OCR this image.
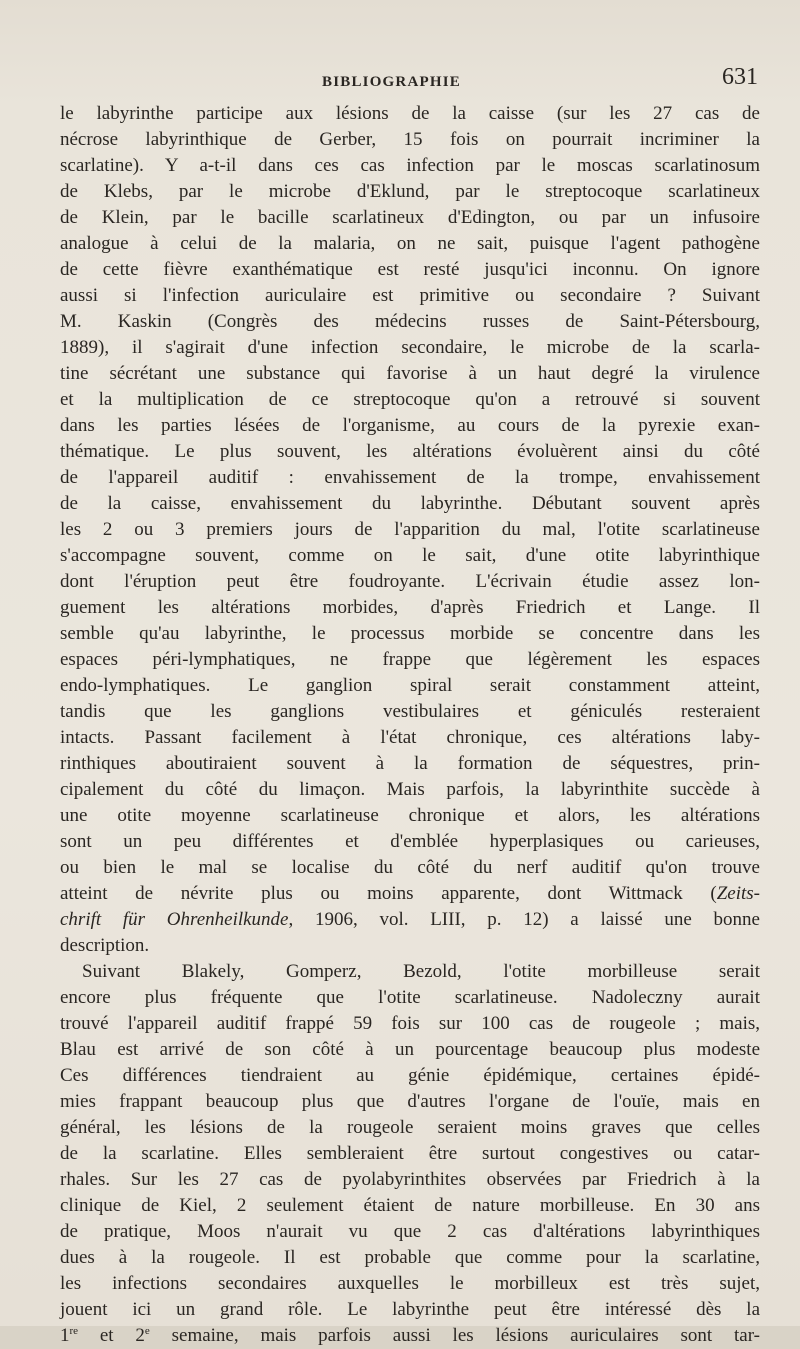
BIBLIOGRAPHIE	631
le labyrinthe participe aux lésions de la caisse (sur les 27 cas de
nécrose labyrinthique de Gerber, 15 fois on pourrait incriminer la
scarlatine). Y a-t-il dans ces cas infection par le moscas scarlatinosum
de Klebs, par le microbe d'Eklund, par le streptocoque scarlatineux
de Klein, par le bacille scarlatineux d'Edington, ou par un infusoire
analogue à celui de la malaria, on ne sait, puisque l'agent pathogène
de cette fièvre exanthématique est resté jusqu'ici inconnu. On ignore
aussi si l'infection auriculaire est primitive ou secondaire ? Suivant
M. Kaskin (Congrès des médecins russes de Saint-Pétersbourg,
1889), il s'agirait d'une infection secondaire, le microbe de la scarla-
tine sécrétant une substance qui favorise à un haut degré la virulence
et la multiplication de ce streptocoque qu'on a retrouvé si souvent
dans les parties lésées de l'organisme, au cours de la pyrexie exan-
thématique. Le plus souvent, les altérations évoluèrent ainsi du côté
de l'appareil auditif : envahissement de la trompe, envahissement
de la caisse, envahissement du labyrinthe. Débutant souvent après
les 2 ou 3 premiers jours de l'apparition du mal, l'otite scarlatineuse
s'accompagne souvent, comme on le sait, d'une otite labyrinthique
dont l'éruption peut être foudroyante. L'écrivain étudie assez lon-
guement les altérations morbides, d'après Friedrich et Lange. Il
semble qu'au labyrinthe, le processus morbide se concentre dans les
espaces péri-lymphatiques, ne frappe que légèrement les espaces
endo-lymphatiques. Le ganglion spiral serait constamment atteint,
tandis que les ganglions vestibulaires et géniculés resteraient
intacts. Passant facilement à l'état chronique, ces altérations laby-
rinthiques aboutiraient souvent à la formation de séquestres, prin-
cipalement du côté du limaçon. Mais parfois, la labyrinthite succède à
une otite moyenne scarlatineuse chronique et alors, les altérations
sont un peu différentes et d'emblée hyperplasiques ou carieuses,
ou bien le mal se localise du côté du nerf auditif qu'on trouve
atteint de névrite plus ou moins apparente, dont Wittmack (Zeits-
chrift für Ohrenheilkunde, 1906, vol. LIII, p. 12) a laissé une bonne
description.
Suivant Blakely, Gomperz, Bezold, l'otite morbilleuse serait
encore plus fréquente que l'otite scarlatineuse. Nadoleczny aurait
trouvé l'appareil auditif frappé 59 fois sur 100 cas de rougeole ; mais,
Blau est arrivé de son côté à un pourcentage beaucoup plus modeste
Ces différences tiendraient au génie épidémique, certaines épidé-
mies frappant beaucoup plus que d'autres l'organe de l'ouïe, mais en
général, les lésions de la rougeole seraient moins graves que celles
de la scarlatine. Elles sembleraient être surtout congestives ou catar-
rhales. Sur les 27 cas de pyolabyrinthites observées par Friedrich à la
clinique de Kiel, 2 seulement étaient de nature morbilleuse. En 30 ans
de pratique, Moos n'aurait vu que 2 cas d'altérations labyrinthiques
dues à la rougeole. Il est probable que comme pour la scarlatine,
les infections secondaires auxquelles le morbilleux est très sujet,
jouent ici un grand rôle. Le labyrinthe peut être intéressé dès la
1re et 2e semaine, mais parfois aussi les lésions auriculaires sont tar-
